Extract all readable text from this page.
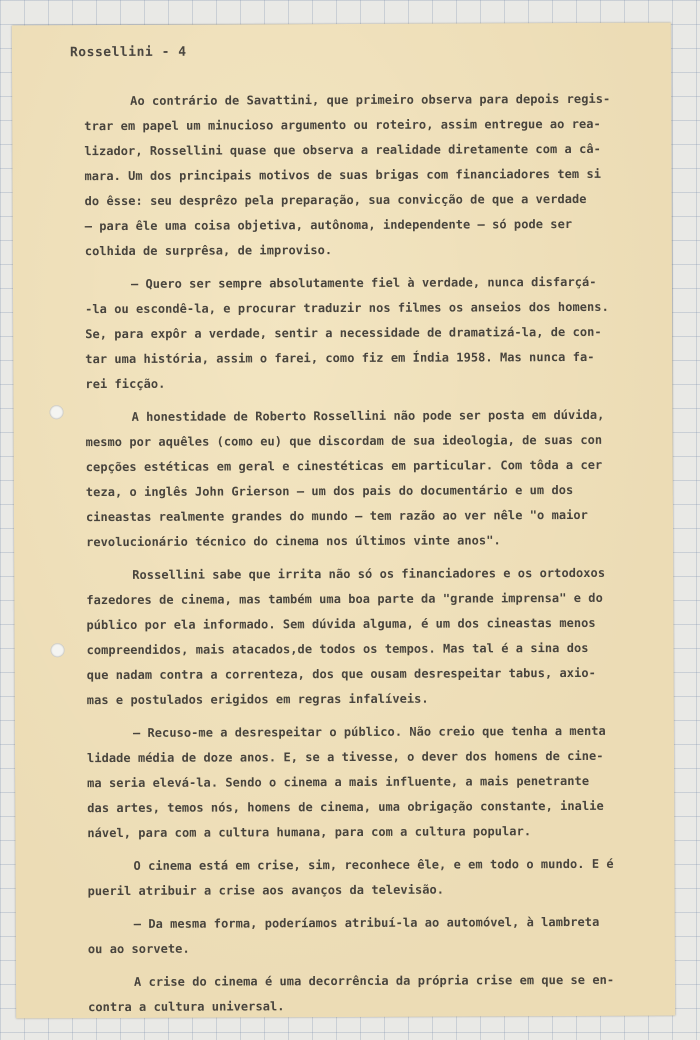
Rossellini - 4

Ao contrário de Savattini, que primeiro observa para depois regis-

trar em papel um minucioso argumento ou roteiro, assim entregue ao rea-

lizador, Rossellini quase que observa a realidade diretamente com a câ-

mara. Um dos principais motivos de suas brigas com financiadores tem si

do êsse: seu desprêzo pela preparação, sua convicção de que a verdade

— para êle uma coisa objetiva, autônoma, independente — só pode ser

colhida de surprêsa, de improviso.

— Quero ser sempre absolutamente fiel à verdade, nunca disfarçá-

-la ou escondê-la, e procurar traduzir nos filmes os anseios dos homens.

Se, para expôr a verdade, sentir a necessidade de dramatizá-la, de con-

tar uma história, assim o farei, como fiz em Índia 1958. Mas nunca fa-

rei ficção.

A honestidade de Roberto Rossellini não pode ser posta em dúvida,

mesmo por aquêles (como eu) que discordam de sua ideologia, de suas con

cepções estéticas em geral e cinestéticas em particular. Com tôda a cer

teza, o inglês John Grierson — um dos pais do documentário e um dos

cineastas realmente grandes do mundo — tem razão ao ver nêle "o maior

revolucionário técnico do cinema nos últimos vinte anos".

Rossellini sabe que irrita não só os financiadores e os ortodoxos

fazedores de cinema, mas também uma boa parte da "grande imprensa" e do

público por ela informado. Sem dúvida alguma, é um dos cineastas menos

compreendidos, mais atacados,de todos os tempos. Mas tal é a sina dos

que nadam contra a correnteza, dos que ousam desrespeitar tabus, axio-

mas e postulados erigidos em regras infalíveis.

— Recuso-me a desrespeitar o público. Não creio que tenha a menta

lidade média de doze anos. E, se a tivesse, o dever dos homens de cine-

ma seria elevá-la. Sendo o cinema a mais influente, a mais penetrante

das artes, temos nós, homens de cinema, uma obrigação constante, inalie

nável, para com a cultura humana, para com a cultura popular.

O cinema está em crise, sim, reconhece êle, e em todo o mundo. E é

pueril atribuir a crise aos avanços da televisão.

— Da mesma forma, poderíamos atribuí-la ao automóvel, à lambreta

ou ao sorvete.

A crise do cinema é uma decorrência da própria crise em que se en-

contra a cultura universal.
